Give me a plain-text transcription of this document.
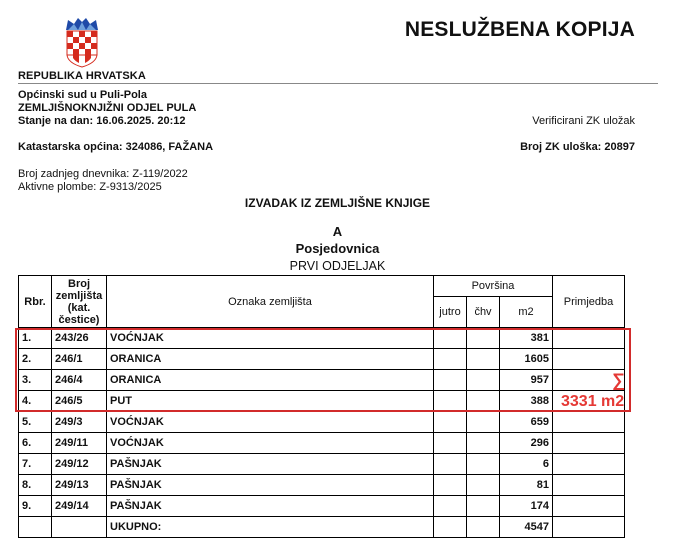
REPUBLIKA HRVATSKA
NESLUŽBENA KOPIJA
Općinski sud u Puli-Pola
ZEMLJIŠNOKNJIŽNI ODJEL PULA
Stanje na dan: 16.06.2025. 20:12	Verificirani ZK uložak
Katastarska općina: 324086, FAŽANA	Broj ZK uloška: 20897
Broj zadnjeg dnevnika: Z-119/2022
Aktivne plombe: Z-9313/2025
IZVADAK IZ ZEMLJIŠNE KNJIGE
A
Posjedovnica
PRVI ODJELJAK
Rbr.	Broj zemljišta (kat. čestice)	Oznaka zemljišta	Površina			Primjedba
			jutro	čhv	m2	
1.	243/26	VOĆNJAK			381	
2.	246/1	ORANICA			1605	
3.	246/4	ORANICA			957	
4.	246/5	PUT			388	
5.	249/3	VOĆNJAK			659	
6.	249/11	VOĆNJAK			296	
7.	249/12	PAŠNJAK			6	
8.	249/13	PAŠNJAK			81	
9.	249/14	PAŠNJAK			174	
		UKUPNO:			4547	
∑
3331 m2
